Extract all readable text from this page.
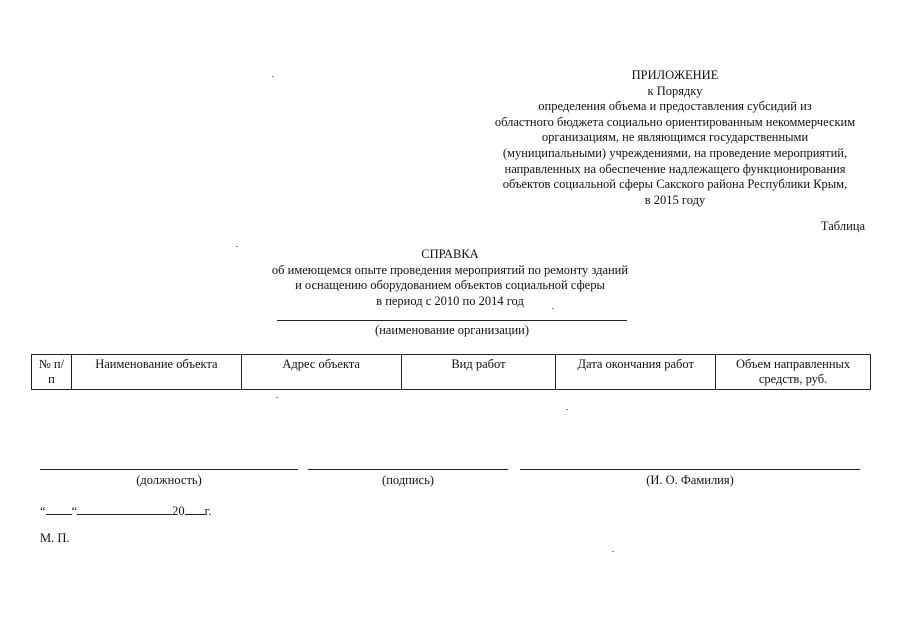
ПРИЛОЖЕНИЕ
к Порядку
определения объема и предоставления субсидий из
областного бюджета социально ориентированным некоммерческим
организациям, не являющимся государственными
(муниципальными) учреждениями, на проведение мероприятий,
направленных на обеспечение надлежащего функционирования
объектов социальной сферы Сакского района Республики Крым,
в 2015 году
Таблица
СПРАВКА
об имеющемся опыте проведения мероприятий по ремонту зданий
и оснащению оборудованием объектов социальной сферы
в период с 2010 по 2014 год
(наименование организации)
№ п/п	Наименование объекта	Адрес объекта	Вид работ	Дата окончания работ	Объем направленных средств, руб.
(должность)	(подпись)	(И. О. Фамилия)
“ “	20 г.
М. П.
